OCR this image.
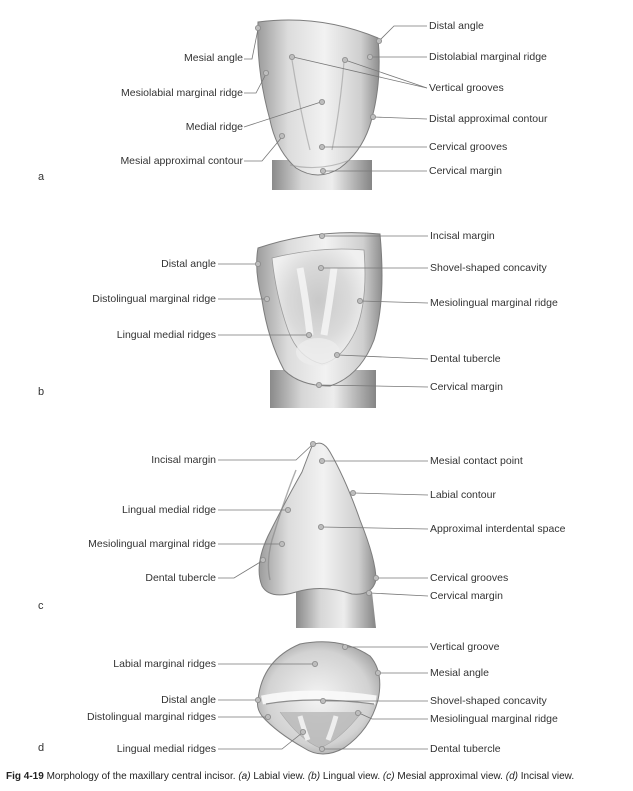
a
Mesial angle
Mesiolabial marginal ridge
Medial ridge
Mesial approximal contour
Distal angle
Distolabial marginal ridge
Vertical grooves
Distal approximal contour
Cervical grooves
Cervical margin
b
Distal angle
Distolingual marginal ridge
Lingual medial ridges
Incisal margin
Shovel-shaped concavity
Mesiolingual marginal ridge
Dental tubercle
Cervical margin
c
Incisal margin
Lingual medial ridge
Mesiolingual marginal ridge
Dental tubercle
Mesial contact point
Labial contour
Approximal interdental space
Cervical grooves
Cervical margin
d
Labial marginal ridges
Distal angle
Distolingual marginal ridges
Lingual medial ridges
Vertical groove
Mesial angle
Shovel-shaped concavity
Mesiolingual marginal ridge
Dental tubercle
Fig 4-19 Morphology of the maxillary central incisor. (a) Labial view. (b) Lingual view. (c) Mesial approximal view. (d) Incisal view.
